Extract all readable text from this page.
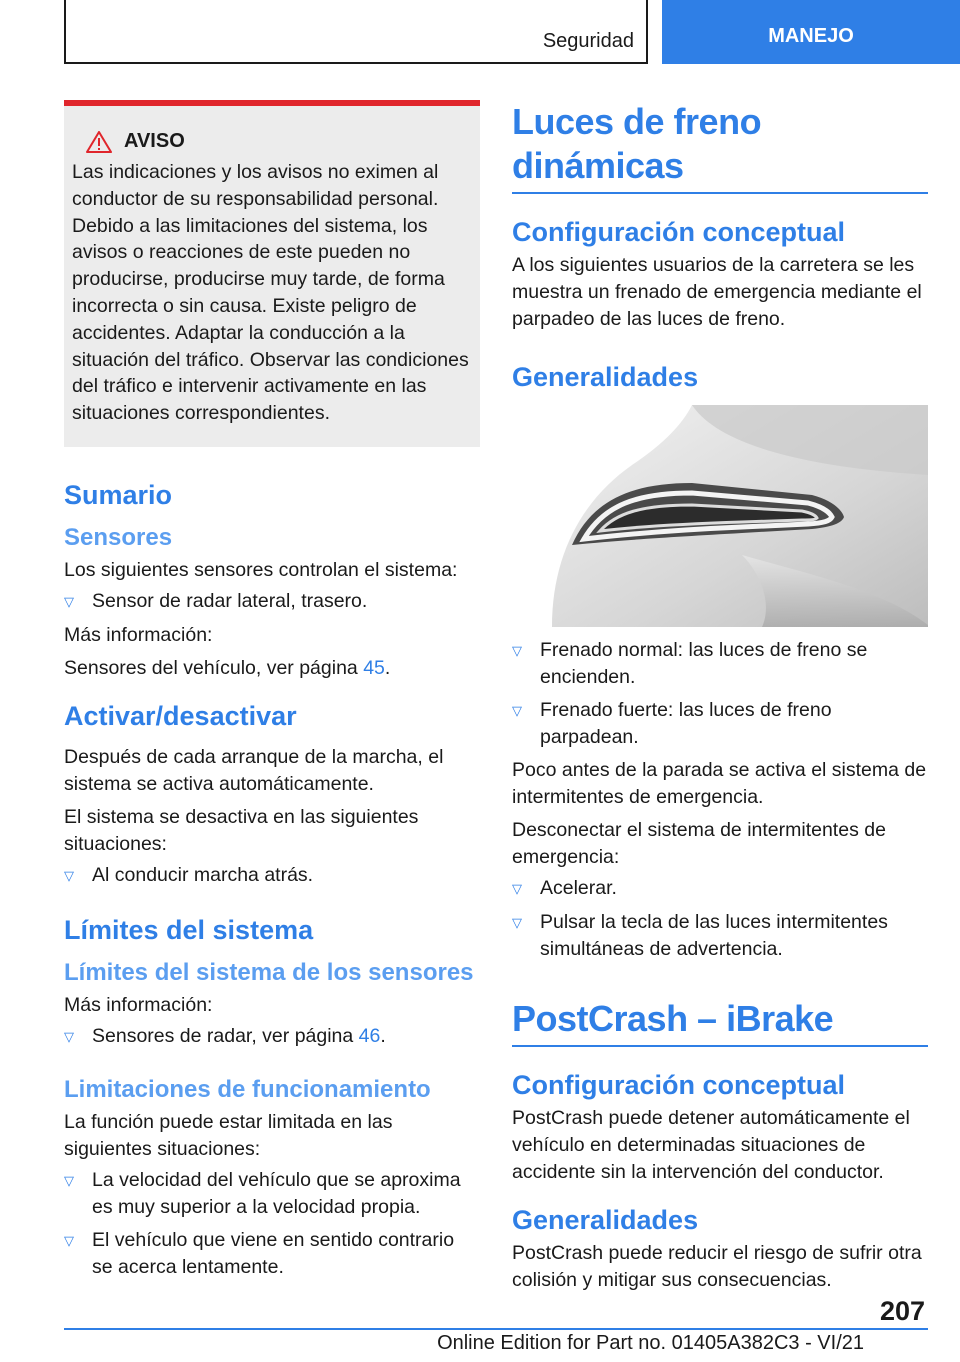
Seguridad	MANEJO
AVISO

Las indicaciones y los avisos no eximen al conductor de su responsabilidad personal. Debido a las limitaciones del sistema, los avisos o reacciones de este pueden no producirse, producirse muy tarde, de forma incorrecta o sin causa. Existe peligro de accidentes. Adaptar la conducción a la situación del tráfico. Observar las condiciones del tráfico e intervenir activamente en las situaciones correspondientes.

Sumario
Sensores

Los siguientes sensores controlan el sistema:

▽ Sensor de radar lateral, trasero.

Más información:

Sensores del vehículo, ver página 45.

Activar/desactivar

Después de cada arranque de la marcha, el sistema se activa automáticamente.

El sistema se desactiva en las siguientes situaciones:

▽ Al conducir marcha atrás.
Límites del sistema
Límites del sistema de los sensores

Más información:

▽ Sensores de radar, ver página 46.
Limitaciones de funcionamiento

La función puede estar limitada en las siguientes situaciones:

▽ La velocidad del vehículo que se aproxima es muy superior a la velocidad propia.
▽ El vehículo que viene en sentido contrario se acerca lentamente.
Luces de freno dinámicas
Configuración conceptual

A los siguientes usuarios de la carretera se les muestra un frenado de emergencia mediante el parpadeo de las luces de freno.

Generalidades
▽ Frenado normal: las luces de freno se encienden.
▽ Frenado fuerte: las luces de freno parpadean.

Poco antes de la parada se activa el sistema de intermitentes de emergencia.

Desconectar el sistema de intermitentes de emergencia:

▽ Acelerar.
▽ Pulsar la tecla de las luces intermitentes simultáneas de advertencia.
PostCrash – iBrake
Configuración conceptual

PostCrash puede detener automáticamente el vehículo en determinadas situaciones de accidente sin la intervención del conductor.

Generalidades

PostCrash puede reducir el riesgo de sufrir otra colisión y mitigar sus consecuencias.

207
Online Edition for Part no. 01405A382C3 - VI/21
